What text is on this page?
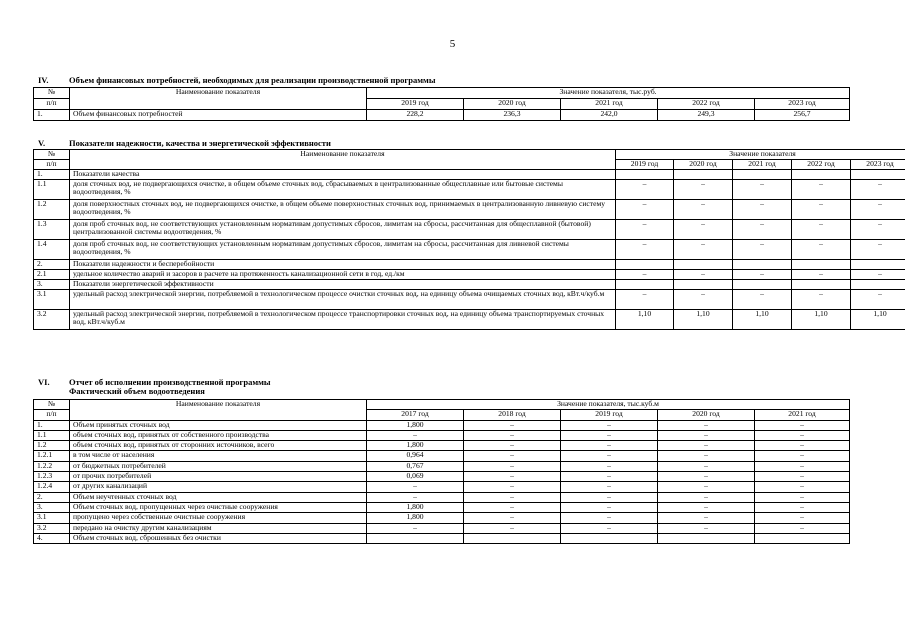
5
IV. Объем финансовых потребностей, необходимых для реализации производственной программы
№	Наименование показателя	Значение показателя, тыс.руб.				
п/п		2019 год	2020 год	2021 год	2022 год	2023 год
1.	Объем финансовых потребностей	228,2	236,3	242,0	249,3	256,7
V.	Показатели надежности, качества и энергетической эффективности
№	Наименование показателя	Значение показателя				
п/п		2019 год	2020 год	2021 год	2022 год	2023 год
1.	Показатели качества					
1.1	доля сточных вод, не подвергающихся очистке, в общем объеме сточных вод, сбрасываемых в централизованные общесплавные или бытовые системы водоотведения, %	–	–	–	–	–
1.2	доля поверхностных сточных вод, не подвергающихся очистке, в общем объеме поверхностных сточных вод, принимаемых в централизованную ливневую систему водоотведения, %	–	–	–	–	–
1.3	доля проб сточных вод, не соответствующих установленным нормативам допустимых сбросов, лимитам на сбросы, рассчитанная для общесплавной (бытовой) централизованной системы водоотведения, %	–	–	–	–	–
1.4	доля проб сточных вод, не соответствующих установленным нормативам допустимых сбросов, лимитам на сбросы, рассчитанная для ливневой системы водоотведения, %	–	–	–	–	–
2.	Показатели надежности и бесперебойности					
2.1	удельное количество аварий и засоров в расчете на протяженность канализационной сети в год, ед./км	–	–	–	–	–
3.	Показатели энергетической эффективности					
3.1	удельный расход электрической энергии, потребляемой в технологическом процессе очистки сточных вод, на единицу объема очищаемых сточных вод, кВт.ч/куб.м	–	–	–	–	–
3.2	удельный расход электрической энергии, потребляемой в технологическом процессе транспортировки сточных вод, на единицу объема транспортируемых сточных вод, кВт.ч/куб.м	1,10	1,10	1,10	1,10	1,10
VI. Отчет об исполнении производственной программы
Фактический объем водоотведения
№	Наименование показателя	Значение показателя, тыс.куб.м				
п/п		2017 год	2018 год	2019 год	2020 год	2021 год
1.	Объем принятых сточных вод	1,800	–	–	–	–
1.1	объем сточных вод, принятых от собственного производства	–	–	–	–	–
1.2	объем сточных вод, принятых от сторонних источников, всего	1,800	–	–	–	–
1.2.1	в том числе от населения	0,964	–	–	–	–
1.2.2	от бюджетных потребителей	0,767	–	–	–	–
1.2.3	от прочих потребителей	0,069	–	–	–	–
1.2.4	от других канализаций	–	–	–	–	–
2.	Объем неучтенных сточных вод	–	–	–	–	–
3.	Объем сточных вод, пропущенных через очистные сооружения	1,800	–	–	–	–
3.1	пропущено через собственные очистные сооружения	1,800	–	–	–	–
3.2	передано на очистку другим канализациям	–	–	–	–	–
4.	Объем сточных вод, сброшенных без очистки					
